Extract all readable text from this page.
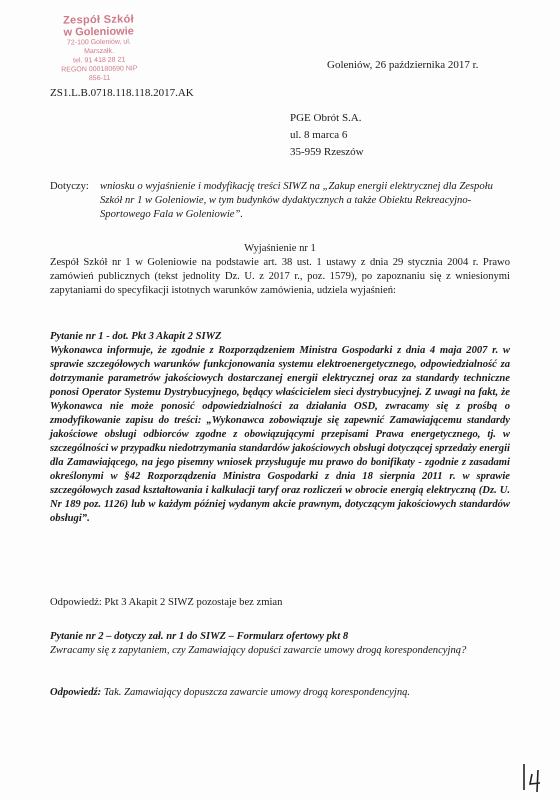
Zespół Szkół
w Goleniowie
72-100 Goleniów, ul. Marszałk.
tel. 91 418 28 21
REGON 000180690 NIP 856-11
Goleniów, 26 października 2017 r.
ZS1.L.B.0718.118.118.2017.AK
PGE Obrót S.A.
ul. 8 marca 6
35-959 Rzeszów
Dotyczy: wniosku o wyjaśnienie i modyfikację treści SIWZ na „Zakup energii elektrycznej dla Zespołu Szkół nr 1 w Goleniowie, w tym budynków dydaktycznych a także Obiektu Rekreacyjno-Sportowego Fala w Goleniowie”.
Wyjaśnienie nr 1
Zespół Szkół nr 1 w Goleniowie na podstawie art. 38 ust. 1 ustawy z dnia 29 stycznia 2004 r. Prawo zamówień publicznych (tekst jednolity Dz. U. z 2017 r., poz. 1579), po zapoznaniu się z wniesionymi zapytaniami do specyfikacji istotnych warunków zamówienia, udziela wyjaśnień:
Pytanie nr 1 - dot. Pkt 3 Akapit 2 SIWZ
Wykonawca informuje, że zgodnie z Rozporządzeniem Ministra Gospodarki z dnia 4 maja 2007 r. w sprawie szczegółowych warunków funkcjonowania systemu elektroenergetycznego, odpowiedzialność za dotrzymanie parametrów jakościowych dostarczanej energii elektrycznej oraz za standardy techniczne ponosi Operator Systemu Dystrybucyjnego, będący właścicielem sieci dystrybucyjnej. Z uwagi na fakt, że Wykonawca nie może ponosić odpowiedzialności za działania OSD, zwracamy się z prośbą o zmodyfikowanie zapisu do treści: „Wykonawca zobowiązuje się zapewnić Zamawiającemu standardy jakościowe obsługi odbiorców zgodne z obowiązującymi przepisami Prawa energetycznego, tj. w szczególności w przypadku niedotrzymania standardów jakościowych obsługi dotyczącej sprzedaży energii dla Zamawiającego, na jego pisemny wniosek przysługuje mu prawo do bonifikaty - zgodnie z zasadami określonymi w §42 Rozporządzenia Ministra Gospodarki z dnia 18 sierpnia 2011 r. w sprawie szczegółowych zasad kształtowania i kalkulacji taryf oraz rozliczeń w obrocie energią elektryczną (Dz. U. Nr 189 poz. 1126) lub w każdym później wydanym akcie prawnym, dotyczącym jakościowych standardów obsługi”.
Odpowiedź: Pkt 3 Akapit 2 SIWZ pozostaje bez zmian
Pytanie nr 2 – dotyczy zał. nr 1 do SIWZ – Formularz ofertowy pkt 8
Zwracamy się z zapytaniem, czy Zamawiający dopuści zawarcie umowy drogą korespondencyjną?
Odpowiedź: Tak. Zamawiający dopuszcza zawarcie umowy drogą korespondencyjną.
